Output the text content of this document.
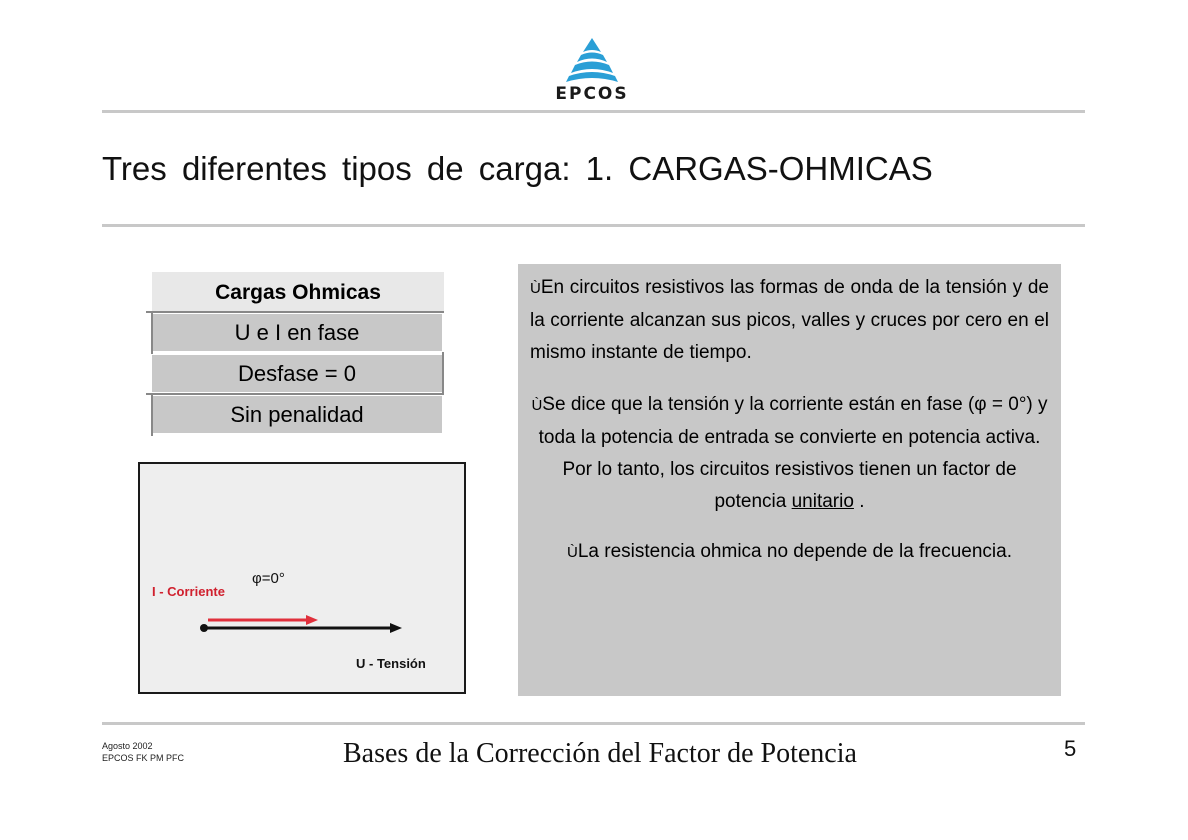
EPCOS
Tres diferentes tipos de carga: 1. CARGAS-OHMICAS
Cargas Ohmicas
U e I en fase
Desfase = 0
Sin penalidad
I - Corriente
φ=0°
U - Tensión

ÙEn circuitos resistivos las formas de onda de la tensión y de la corriente alcanzan sus picos, valles y cruces por cero en el mismo instante de tiempo.

ÙSe dice que la tensión y la corriente están en fase (φ = 0°) y toda la potencia de entrada se convierte en potencia activa. Por lo tanto, los circuitos resistivos tienen un factor de potencia unitario .

ÙLa resistencia ohmica no depende de la frecuencia.

Agosto 2002
EPCOS FK PM PFC	Bases de la Corrección del Factor de Potencia	5
